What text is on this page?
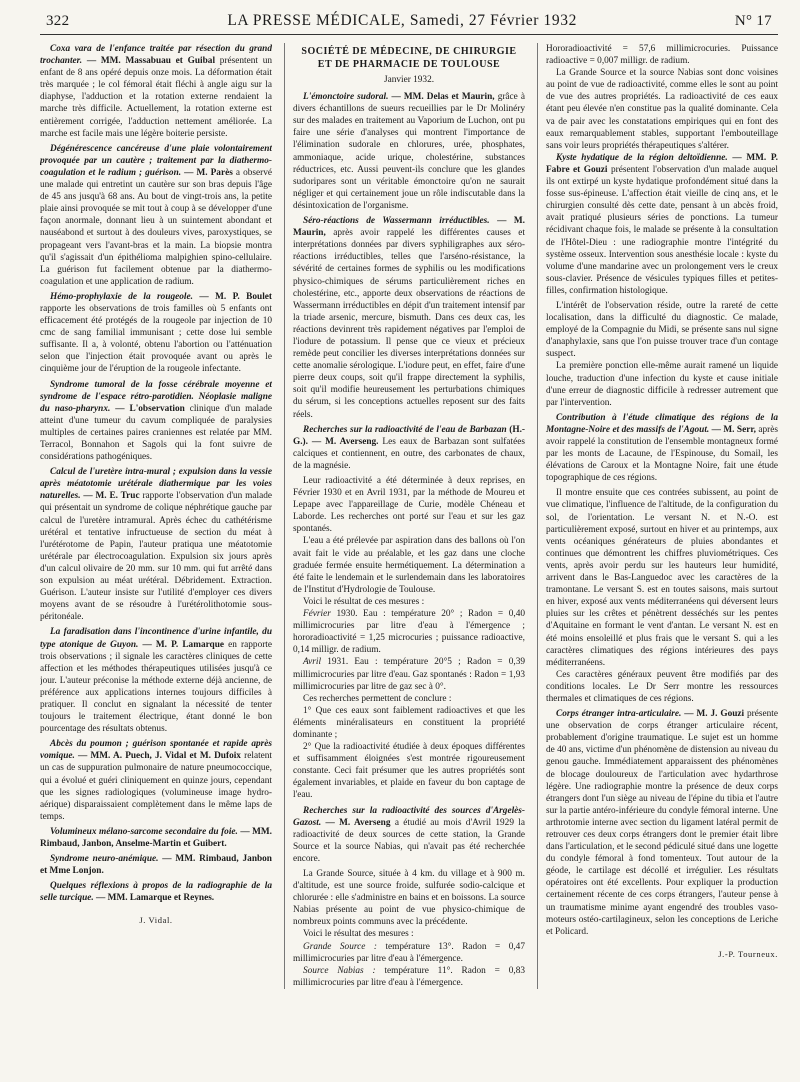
322	LA PRESSE MÉDICALE, Samedi, 27 Février 1932	N° 17

Coxa vara de l'enfance traitée par résection du grand trochanter. — MM. Massabuau et Guibal présentent un enfant de 8 ans opéré depuis onze mois. La déformation était très marquée ; le col fémoral était fléchi à angle aigu sur la diaphyse, l'adduction et la rotation externe rendaient la marche très difficile. Actuellement, la rotation externe est entièrement corrigée, l'adduction nettement améliorée. La marche est facile mais une légère boiterie persiste.

Dégénérescence cancéreuse d'une plaie volontairement provoquée par un cautère ; traitement par la diathermo-coagulation et le radium ; guérison. — M. Parès a observé une malade qui entretint un cautère sur son bras depuis l'âge de 45 ans jusqu'à 68 ans. Au bout de vingt-trois ans, la petite plaie ainsi provoquée se mit tout à coup à se développer d'une façon anormale, donnant lieu à un suintement abondant et nauséabond et surtout à des douleurs vives, paroxystiques, se propageant vers l'avant-bras et la main. La biopsie montra qu'il s'agissait d'un épithélioma malpighien spino-cellulaire. La guérison fut facilement obtenue par la diathermo-coagulation et une application de radium.

Hémo-prophylaxie de la rougeole. — M. P. Boulet rapporte les observations de trois familles où 5 enfants ont efficacement été protégés de la rougeole par injection de 10 cmc de sang familial immunisant ; cette dose lui semble suffisante. Il a, à volonté, obtenu l'abortion ou l'atténuation selon que l'injection était provoquée avant ou après le cinquième jour de l'éruption de la rougeole infectante.

Syndrome tumoral de la fosse cérébrale moyenne et syndrome de l'espace rétro-parotidien. Néoplasie maligne du naso-pharynx. — L'observation clinique d'un malade atteint d'une tumeur du cavum compliquée de paralysies multiples de certaines paires craniennes est relatée par MM. Terracol, Bonnahon et Sagols qui la font suivre de considérations pathogéniques.

Calcul de l'uretère intra-mural ; expulsion dans la vessie après méatotomie urétérale diathermique par les voies naturelles. — M. E. Truc rapporte l'observation d'un malade qui présentait un syndrome de colique néphrétique gauche par calcul de l'uretère intramural. Après échec du cathétérisme urétéral et tentative infructueuse de section du méat à l'urétérotome de Papin, l'auteur pratiqua une méatotomie urétérale par électrocoagulation. Expulsion six jours après d'un calcul olivaire de 20 mm. sur 10 mm. qui fut arrêté dans son expulsion au méat urétéral. Débridement. Extraction. Guérison. L'auteur insiste sur l'utilité d'employer ces divers moyens avant de se résoudre à l'urétérolithotomie sous-péritonéale.

La faradisation dans l'incontinence d'urine infantile, du type atonique de Guyon. — M. P. Lamarque en rapporte trois observations ; il signale les caractères cliniques de cette affection et les méthodes thérapeutiques utilisées jusqu'à ce jour. L'auteur préconise la méthode externe déjà ancienne, de préférence aux applications internes toujours difficiles à pratiquer. Il conclut en signalant la nécessité de tenter toujours le traitement électrique, étant donné le bon pourcentage des résultats obtenus.

Abcès du poumon ; guérison spontanée et rapide après vomique. — MM. A. Puech, J. Vidal et M. Dufoix relatent un cas de suppuration pulmonaire de nature pneumococcique, qui a évolué et guéri cliniquement en quinze jours, cependant que les signes radiologiques (volumineuse image hydro-aérique) disparaissaient complètement dans le même laps de temps.

Volumineux mélano-sarcome secondaire du foie. — MM. Rimbaud, Janbon, Anselme-Martin et Guibert.

Syndrome neuro-anémique. — MM. Rimbaud, Janbon et Mme Lonjon.

Quelques réflexions à propos de la radiographie de la selle turcique. — MM. Lamarque et Reynes.

J. Vidal.
SOCIÉTÉ DE MÉDECINE, DE CHIRURGIE ET DE PHARMACIE DE TOULOUSE
Janvier 1932.

L'émonctoire sudoral. — MM. Delas et Maurin, grâce à divers échantillons de sueurs recueillies par le Dr Molinéry sur des malades en traitement au Vaporium de Luchon, ont pu faire une série d'analyses qui montrent l'importance de l'élimination sudorale en chlorures, urée, phosphates, ammoniaque, acide urique, cholestérine, substances réductrices, etc. Aussi peuvent-ils conclure que les glandes sudoripares sont un véritable émonctoire qu'on ne saurait négliger et qui certainement joue un rôle indiscutable dans la désintoxication de l'organisme.

Séro-réactions de Wassermann irréductibles. — M. Maurin, après avoir rappelé les différentes causes et interprétations données par divers syphiligraphes aux séro-réactions irréductibles, telles que l'arséno-résistance, la sévérité de certaines formes de syphilis ou les modifications physico-chimiques de sérums particulièrement riches en cholestérine, etc., apporte deux observations de réactions de Wassermann irréductibles en dépit d'un traitement intensif par la triade arsenic, mercure, bismuth. Dans ces deux cas, les réactions devinrent très rapidement négatives par l'emploi de l'iodure de potassium. Il pense que ce vieux et précieux remède peut concilier les diverses interprétations données sur cette anomalie sérologique. L'iodure peut, en effet, faire d'une pierre deux coups, soit qu'il frappe directement la syphilis, soit qu'il modifie heureusement les perturbations chimiques du sérum, si les conceptions actuelles reposent sur des faits réels.

Recherches sur la radioactivité de l'eau de Barbazan (H.-G.). — M. Averseng. Les eaux de Barbazan sont sulfatées calciques et contiennent, en outre, des carbonates de chaux, de la magnésie.

Leur radioactivité a été déterminée à deux reprises, en Février 1930 et en Avril 1931, par la méthode de Moureu et Lepape avec l'appareillage de Curie, modèle Chéneau et Laborde. Les recherches ont porté sur l'eau et sur les gaz spontanés.

L'eau a été prélevée par aspiration dans des ballons où l'on avait fait le vide au préalable, et les gaz dans une cloche graduée fermée ensuite hermétiquement. La détermination a été faite le lendemain et le surlendemain dans les laboratoires de l'Institut d'Hydrologie de Toulouse.

Voici le résultat de ces mesures :

Février 1930. Eau : température 20° ; Radon = 0,40 millimicrocuries par litre d'eau à l'émergence ; hororadioactivité = 1,25 microcuries ; puissance radioactive, 0,14 milligr. de radium.

Avril 1931. Eau : température 20°5 ; Radon = 0,39 millimicrocuries par litre d'eau. Gaz spontanés : Radon = 1,93 millimicrocuries par litre de gaz sec à 0°.

Ces recherches permettent de conclure :

1° Que ces eaux sont faiblement radioactives et que les éléments minéralisateurs en constituent la propriété dominante ;

2° Que la radioactivité étudiée à deux époques différentes et suffisamment éloignées s'est montrée rigoureusement constante. Ceci fait présumer que les autres propriétés sont également invariables, et plaide en faveur du bon captage de l'eau.

Recherches sur la radioactivité des sources d'Argelès-Gazost. — M. Averseng a étudié au mois d'Avril 1929 la radioactivité de deux sources de cette station, la Grande Source et la source Nabias, qui n'avait pas été recherchée encore.

La Grande Source, située à 4 km. du village et à 900 m. d'altitude, est une source froide, sulfurée sodio-calcique et chlorurée : elle s'administre en bains et en boissons. La source Nabias présente au point de vue physico-chimique de nombreux points communs avec la précédente.

Voici le résultat des mesures :

Grande Source : température 13°. Radon = 0,47 millimicrocuries par litre d'eau à l'émergence.

Source Nabias : température 11°. Radon = 0,83 millimicrocuries par litre d'eau à l'émergence.

Hororadioactivité = 57,6 millimicrocuries. Puissance radioactive = 0,007 milligr. de radium.

La Grande Source et la source Nabias sont donc voisines au point de vue de radioactivité, comme elles le sont au point de vue des autres propriétés. La radioactivité de ces eaux étant peu élevée n'en constitue pas la qualité dominante. Cela va de pair avec les constatations empiriques qui en font des eaux remarquablement stables, supportant l'embouteillage sans voir leurs propriétés thérapeutiques s'altérer.

Kyste hydatique de la région deltoïdienne. — MM. P. Fabre et Gouzi présentent l'observation d'un malade auquel ils ont extirpé un kyste hydatique profondément situé dans la fosse sus-épineuse. L'affection était vieille de cinq ans, et le chirurgien consulté dès cette date, pensant à un abcès froid, avait pratiqué plusieurs séries de ponctions. La tumeur récidivant chaque fois, le malade se présente à la consultation de l'Hôtel-Dieu : une radiographie montre l'intégrité du système osseux. Intervention sous anesthésie locale : kyste du volume d'une mandarine avec un prolongement vers le creux sous-clavier. Présence de vésicules typiques filles et petites-filles, confirmation histologique.

L'intérêt de l'observation réside, outre la rareté de cette localisation, dans la difficulté du diagnostic. Ce malade, employé de la Compagnie du Midi, se présente sans nul signe d'anaphylaxie, sans que l'on puisse trouver trace d'un contage suspect.

La première ponction elle-même aurait ramené un liquide louche, traduction d'une infection du kyste et cause initiale d'une erreur de diagnostic difficile à redresser autrement que par l'intervention.

Contribution à l'étude climatique des régions de la Montagne-Noire et des massifs de l'Agout. — M. Serr, après avoir rappelé la constitution de l'ensemble montagneux formé par les monts de Lacaune, de l'Espinouse, du Somail, les élévations de Caroux et la Montagne Noire, fait une étude topographique de ces régions.

Il montre ensuite que ces contrées subissent, au point de vue climatique, l'influence de l'altitude, de la configuration du sol, de l'orientation. Le versant N. et N.-O. est particulièrement exposé, surtout en hiver et au printemps, aux vents océaniques générateurs de pluies abondantes et continues que démontrent les chiffres pluviométriques. Ces vents, après avoir perdu sur les hauteurs leur humidité, arrivent dans le Bas-Languedoc avec les caractères de la tramontane. Le versant S. est en toutes saisons, mais surtout en hiver, exposé aux vents méditerranéens qui déversent leurs pluies sur les crêtes et pénètrent desséchés sur les pentes d'Aquitaine en formant le vent d'antan. Le versant N. est en été moins ensoleillé et plus frais que le versant S. qui a les caractères climatiques des régions intérieures des pays méditerranéens.

Ces caractères généraux peuvent être modifiés par des conditions locales. Le Dr Serr montre les ressources thermales et climatiques de ces régions.

Corps étranger intra-articulaire. — M. J. Gouzi présente une observation de corps étranger articulaire récent, probablement d'origine traumatique. Le sujet est un homme de 40 ans, victime d'un phénomène de distension au niveau du genou gauche. Immédiatement apparaissent des phénomènes de blocage douloureux de l'articulation avec hydarthrose légère. Une radiographie montre la présence de deux corps étrangers dont l'un siège au niveau de l'épine du tibia et l'autre sur la partie antéro-inférieure du condyle fémoral interne. Une arthrotomie interne avec section du ligament latéral permit de retrouver ces deux corps étrangers dont le premier était libre dans l'articulation, et le second pédiculé situé dans une logette du condyle fémoral à fond tomenteux. Tout autour de la géode, le cartilage est décollé et irrégulier. Les résultats opératoires ont été excellents. Pour expliquer la production certainement récente de ces corps étrangers, l'auteur pense à un traumatisme minime ayant engendré des troubles vaso-moteurs ostéo-cartilagineux, selon les conceptions de Leriche et Policard.

J.-P. Tourneux.
